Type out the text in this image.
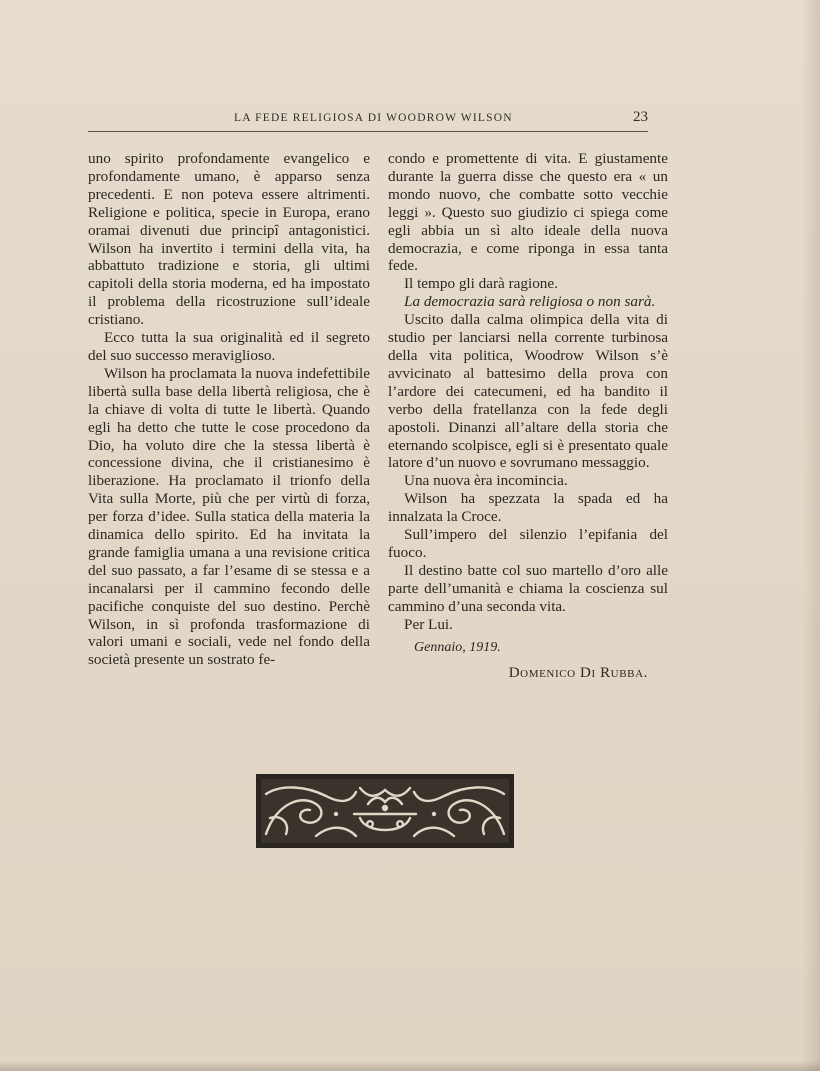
LA FEDE RELIGIOSA DI WOODROW WILSON	23

uno spirito profondamente evangelico e profondamente umano, è apparso senza precedenti. E non poteva essere altrimenti. Religione e politica, specie in Europa, erano oramai divenuti due principî antagonistici. Wilson ha invertito i termini della vita, ha abbattuto tradizione e storia, gli ultimi capitoli della storia moderna, ed ha impostato il problema della ricostruzione sull’ideale cristiano.

Ecco tutta la sua originalità ed il segreto del suo successo meraviglioso.

Wilson ha proclamata la nuova indefettibile libertà sulla base della libertà religiosa, che è la chiave di volta di tutte le libertà. Quando egli ha detto che tutte le cose procedono da Dio, ha voluto dire che la stessa libertà è concessione divina, che il cristianesimo è liberazione. Ha proclamato il trionfo della Vita sulla Morte, più che per virtù di forza, per forza d’idee. Sulla statica della materia la dinamica dello spirito. Ed ha invitata la grande famiglia umana a una revisione critica del suo passato, a far l’esame di se stessa e a incanalarsi per il cammino fecondo delle pacifiche conquiste del suo destino. Perchè Wilson, in sì profonda trasformazione di valori umani e sociali, vede nel fondo della società presente un sostrato fe-

condo e promettente di vita. E giustamente durante la guerra disse che questo era « un mondo nuovo, che combatte sotto vecchie leggi ». Questo suo giudizio ci spiega come egli abbia un sì alto ideale della nuova democrazia, e come riponga in essa tanta fede.

Il tempo gli darà ragione.

La democrazia sarà religiosa o non sarà.

Uscito dalla calma olimpica della vita di studio per lanciarsi nella corrente turbinosa della vita politica, Woodrow Wilson s’è avvicinato al battesimo della prova con l’ardore dei catecumeni, ed ha bandito il verbo della fratellanza con la fede degli apostoli. Dinanzi all’altare della storia che eternando scolpisce, egli si è presentato quale latore d’un nuovo e sovrumano messaggio.

Una nuova èra incomincia.

Wilson ha spezzata la spada ed ha innalzata la Croce.

Sull’impero del silenzio l’epifania del fuoco.

Il destino batte col suo martello d’oro alle parte dell’umanità e chiama la coscienza sul cammino d’una seconda vita.

Per Lui.

Gennaio, 1919.

Domenico Di Rubba.
